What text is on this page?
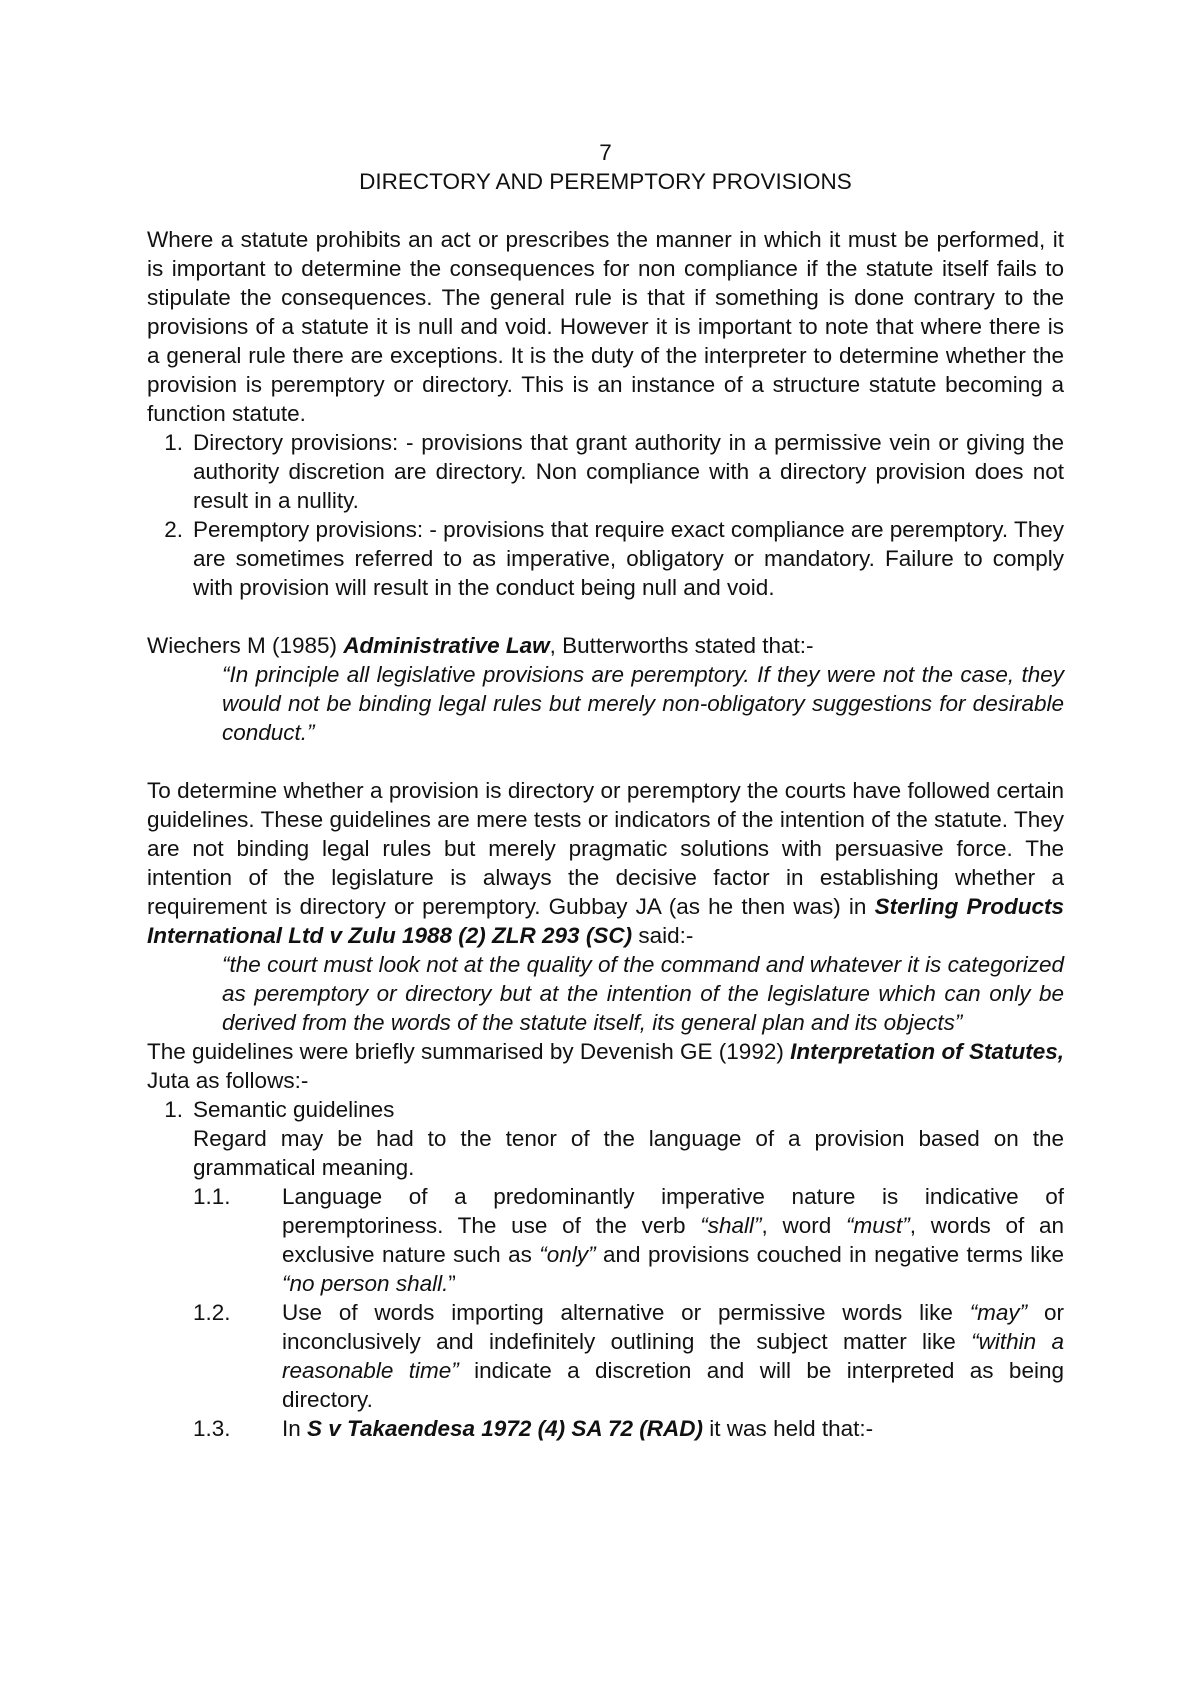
7
DIRECTORY AND PEREMPTORY PROVISIONS

Where a statute prohibits an act or prescribes the manner in which it must be performed, it is important to determine the consequences for non compliance if the statute itself fails to stipulate the consequences. The general rule is that if something is done contrary to the provisions of a statute it is null and void. However it is important to note that where there is a general rule there are exceptions. It is the duty of the interpreter to determine whether the provision is peremptory or directory. This is an instance of a structure statute becoming a function statute.

1. Directory provisions: - provisions that grant authority in a permissive vein or giving the authority discretion are directory. Non compliance with a directory provision does not result in a nullity.
2. Peremptory provisions: - provisions that require exact compliance are peremptory. They are sometimes referred to as imperative, obligatory or mandatory. Failure to comply with provision will result in the conduct being null and void.

Wiechers M (1985) Administrative Law, Butterworths stated that:-

“In principle all legislative provisions are peremptory. If they were not the case, they would not be binding legal rules but merely non-obligatory suggestions for desirable conduct.”

To determine whether a provision is directory or peremptory the courts have followed certain guidelines. These guidelines are mere tests or indicators of the intention of the statute. They are not binding legal rules but merely pragmatic solutions with persuasive force. The intention of the legislature is always the decisive factor in establishing whether a requirement is directory or peremptory. Gubbay JA (as he then was) in Sterling Products International Ltd v Zulu 1988 (2) ZLR 293 (SC) said:-

“the court must look not at the quality of the command and whatever it is categorized as peremptory or directory but at the intention of the legislature which can only be derived from the words of the statute itself, its general plan and its objects”

The guidelines were briefly summarised by Devenish GE (1992) Interpretation of Statutes, Juta as follows:-

1. Semantic guidelines

Regard may be had to the tenor of the language of a provision based on the grammatical meaning.

1.1.	Language of a predominantly imperative nature is indicative of peremptoriness. The use of the verb “shall”, word “must”, words of an exclusive nature such as “only” and provisions couched in negative terms like “no person shall.”
1.2.	Use of words importing alternative or permissive words like “may” or inconclusively and indefinitely outlining the subject matter like “within a reasonable time” indicate a discretion and will be interpreted as being directory.
1.3.	In S v Takaendesa 1972 (4) SA 72 (RAD) it was held that:-
